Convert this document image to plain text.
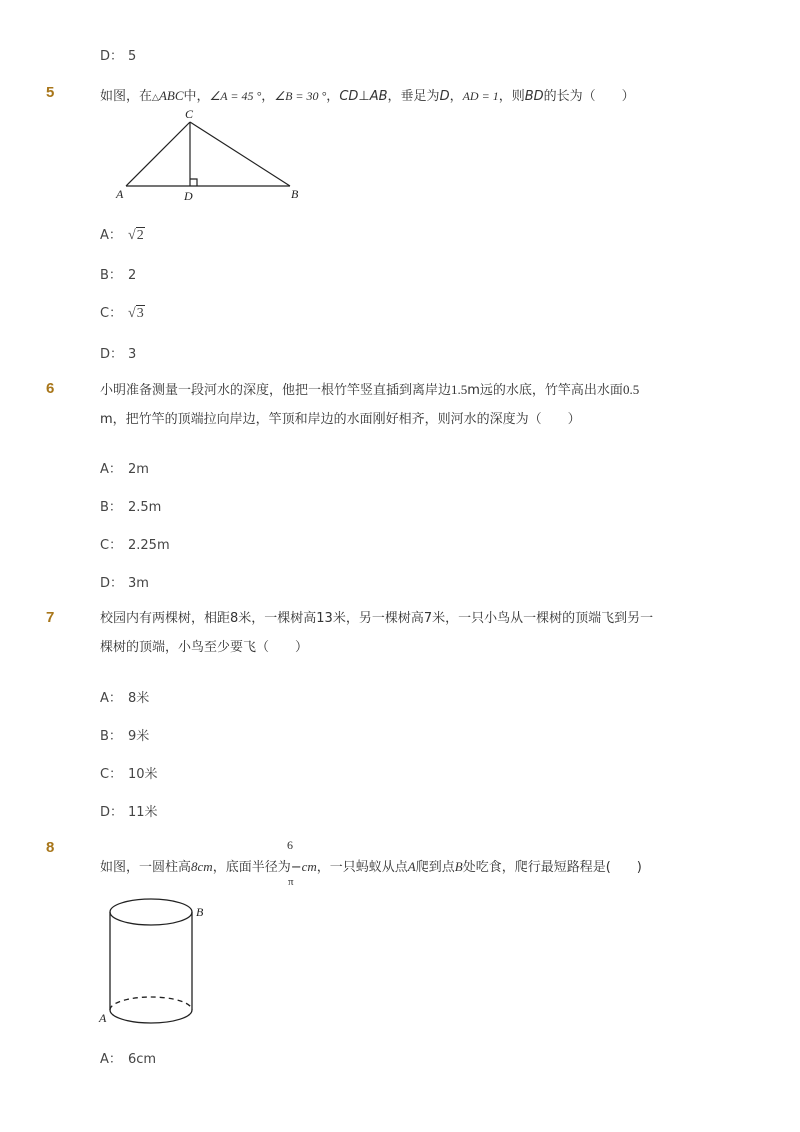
D： 5
5	如图，在△ABC中，∠A = 45 °，∠B = 30 °，CD⊥AB，垂足为D，AD = 1，则BD的长为（　　）
C
A	D	B
A： √2
B： 2
C： √3
D： 3
6	小明准备测量一段河水的深度，他把一根竹竿竖直插到离岸边1.5m远的水底，竹竿高出水面0.5
m，把竹竿的顶端拉向岸边，竿顶和岸边的水面刚好相齐，则河水的深度为（　　）
A： 2m
B： 2.5m
C： 2.25m
D： 3m
7	校园内有两棵树，相距8米，一棵树高13米，另一棵树高7米，一只小鸟从一棵树的顶端飞到另一
棵树的顶端，小鸟至少要飞（　　）
A： 8米
B： 9米
C： 10米
D： 11米
8	6
如图，一圆柱高8cm，底面半径为−cm，一只蚂蚁从点A爬到点B处吃食，爬行最短路程是(　　)
π
B
A
A： 6cm
